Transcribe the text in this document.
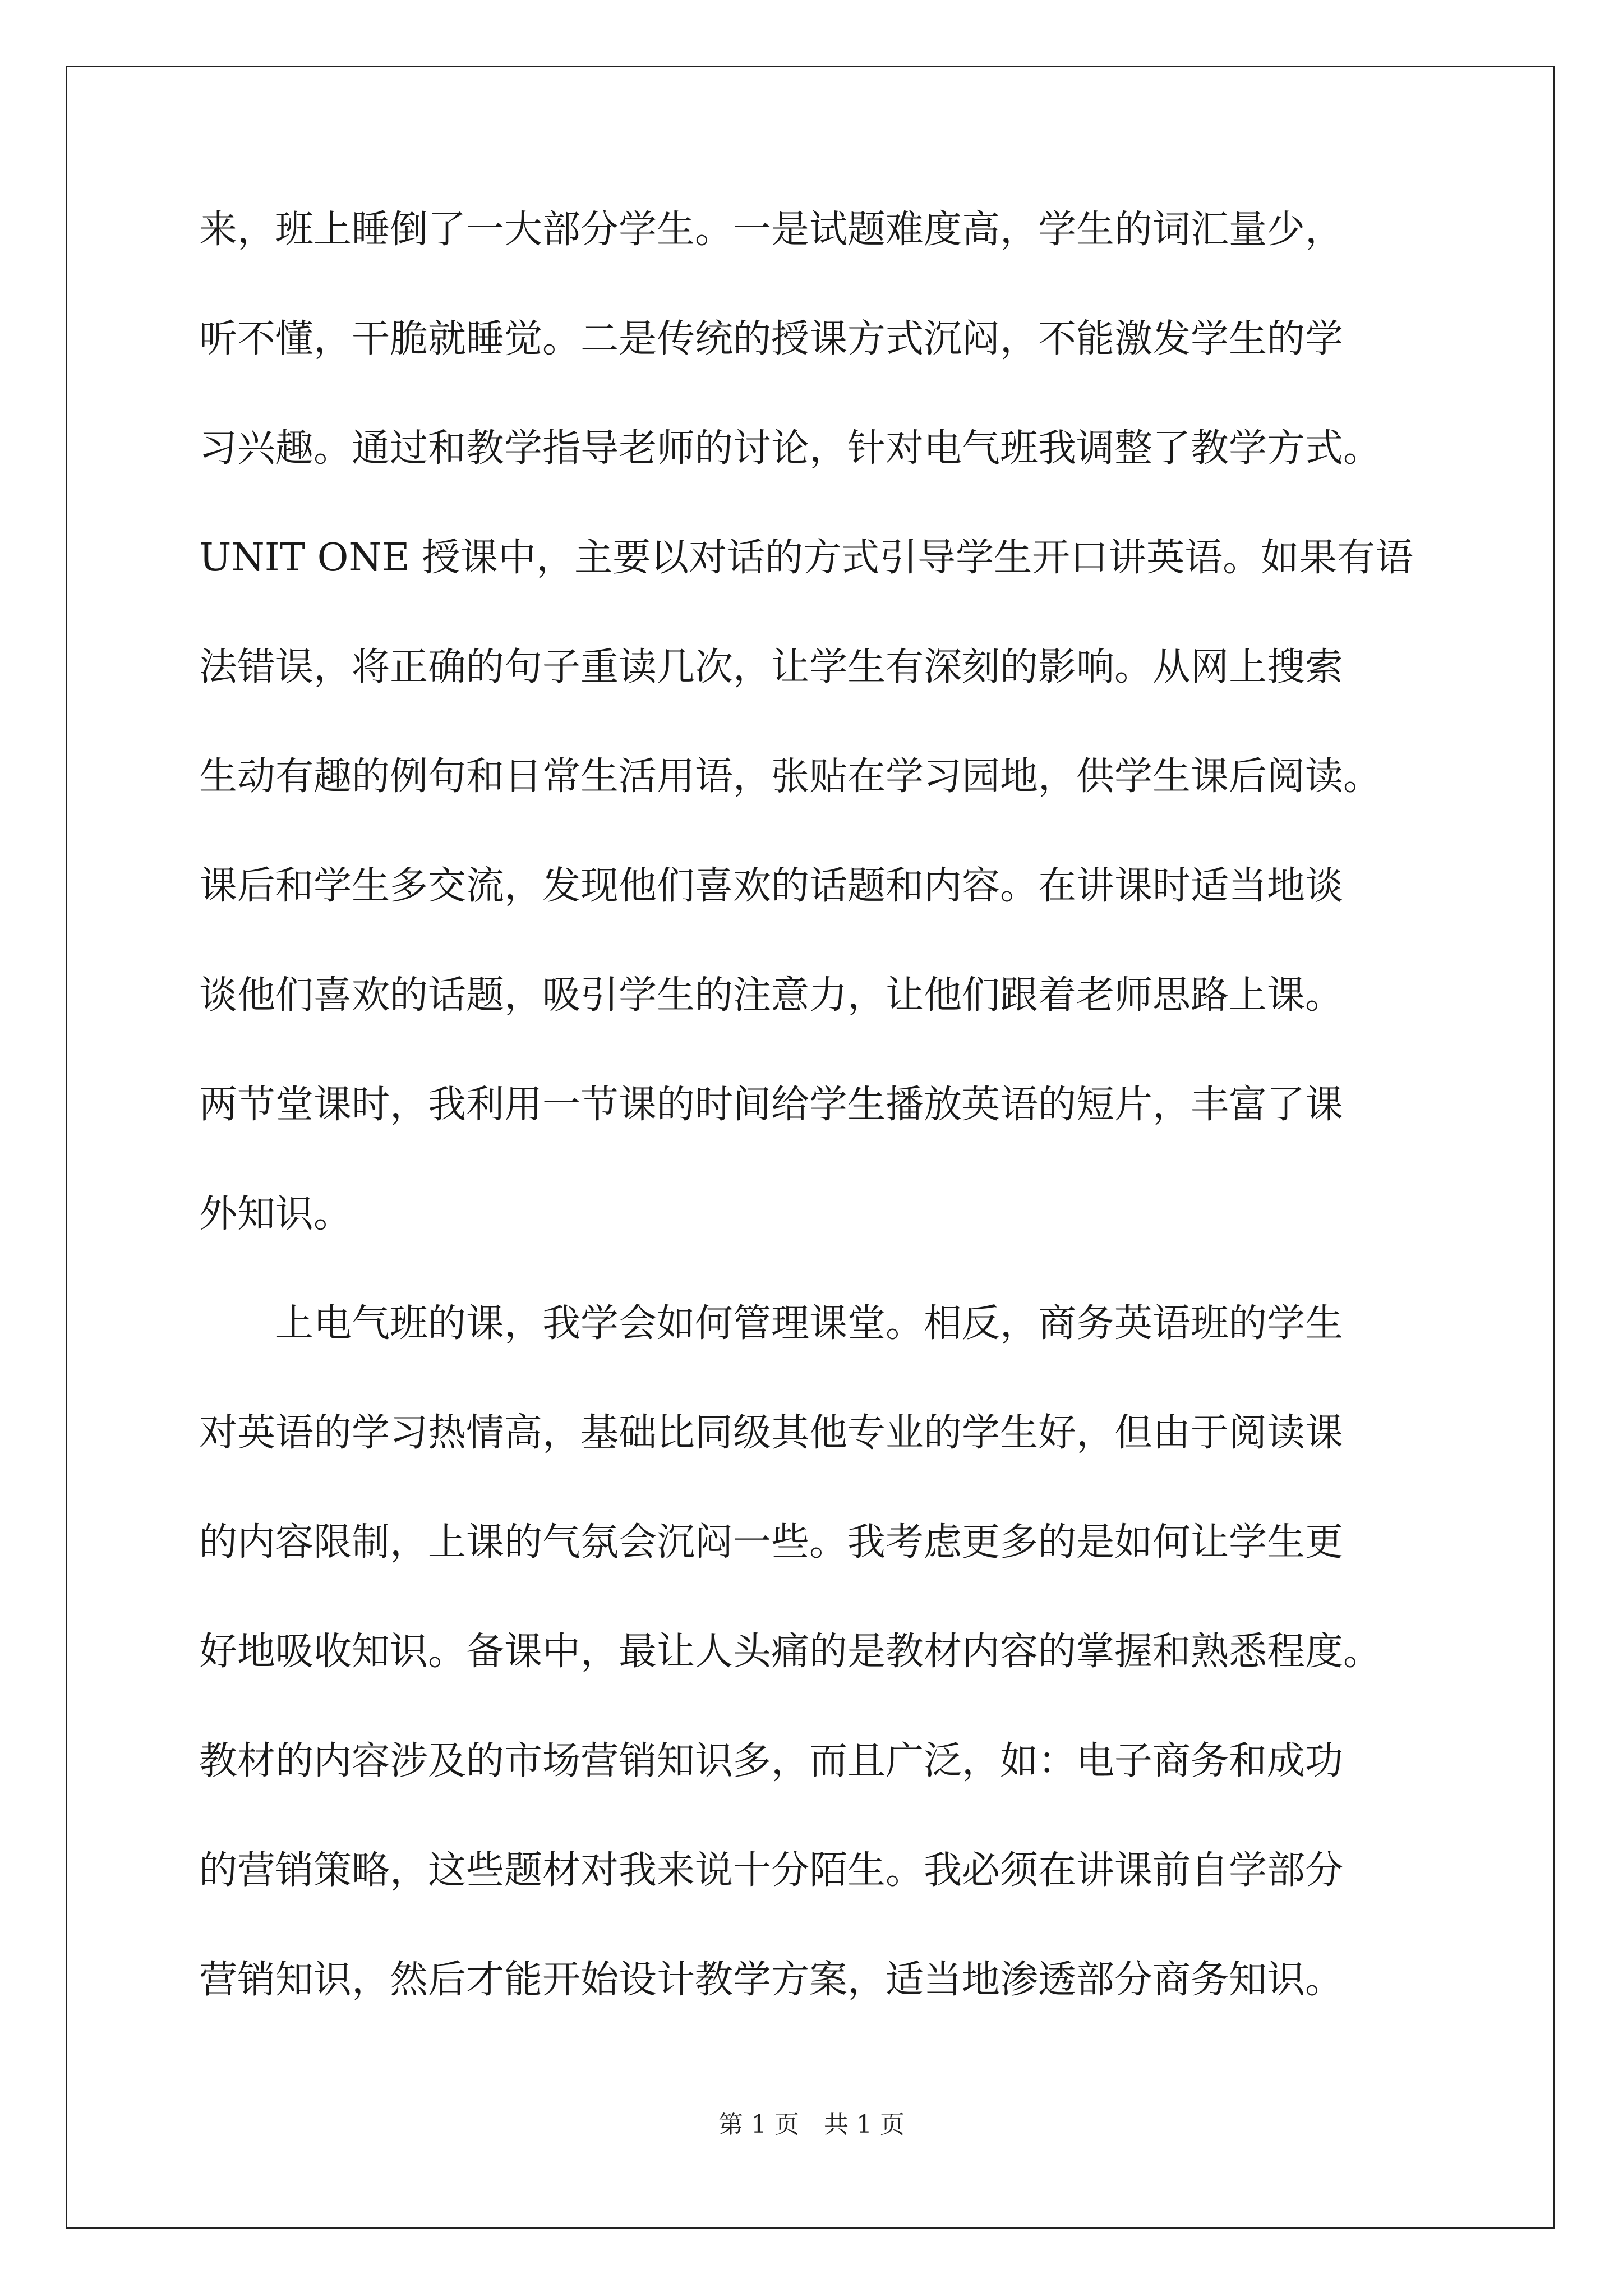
来，班上睡倒了一大部分学生。一是试题难度高，学生的词汇量少，
听不懂，干脆就睡觉。二是传统的授课方式沉闷，不能激发学生的学
习兴趣。通过和教学指导老师的讨论，针对电气班我调整了教学方式。
UNIT ONE 授课中，主要以对话的方式引导学生开口讲英语。如果有语
法错误，将正确的句子重读几次，让学生有深刻的影响。从网上搜索
生动有趣的例句和日常生活用语，张贴在学习园地，供学生课后阅读。
课后和学生多交流，发现他们喜欢的话题和内容。在讲课时适当地谈
谈他们喜欢的话题，吸引学生的注意力，让他们跟着老师思路上课。
两节堂课时，我利用一节课的时间给学生播放英语的短片，丰富了课
外知识。
　　上电气班的课，我学会如何管理课堂。相反，商务英语班的学生
对英语的学习热情高，基础比同级其他专业的学生好，但由于阅读课
的内容限制，上课的气氛会沉闷一些。我考虑更多的是如何让学生更
好地吸收知识。备课中，最让人头痛的是教材内容的掌握和熟悉程度。
教材的内容涉及的市场营销知识多，而且广泛，如：电子商务和成功
的营销策略，这些题材对我来说十分陌生。我必须在讲课前自学部分
营销知识，然后才能开始设计教学方案，适当地渗透部分商务知识。
第 1 页　共 1 页
